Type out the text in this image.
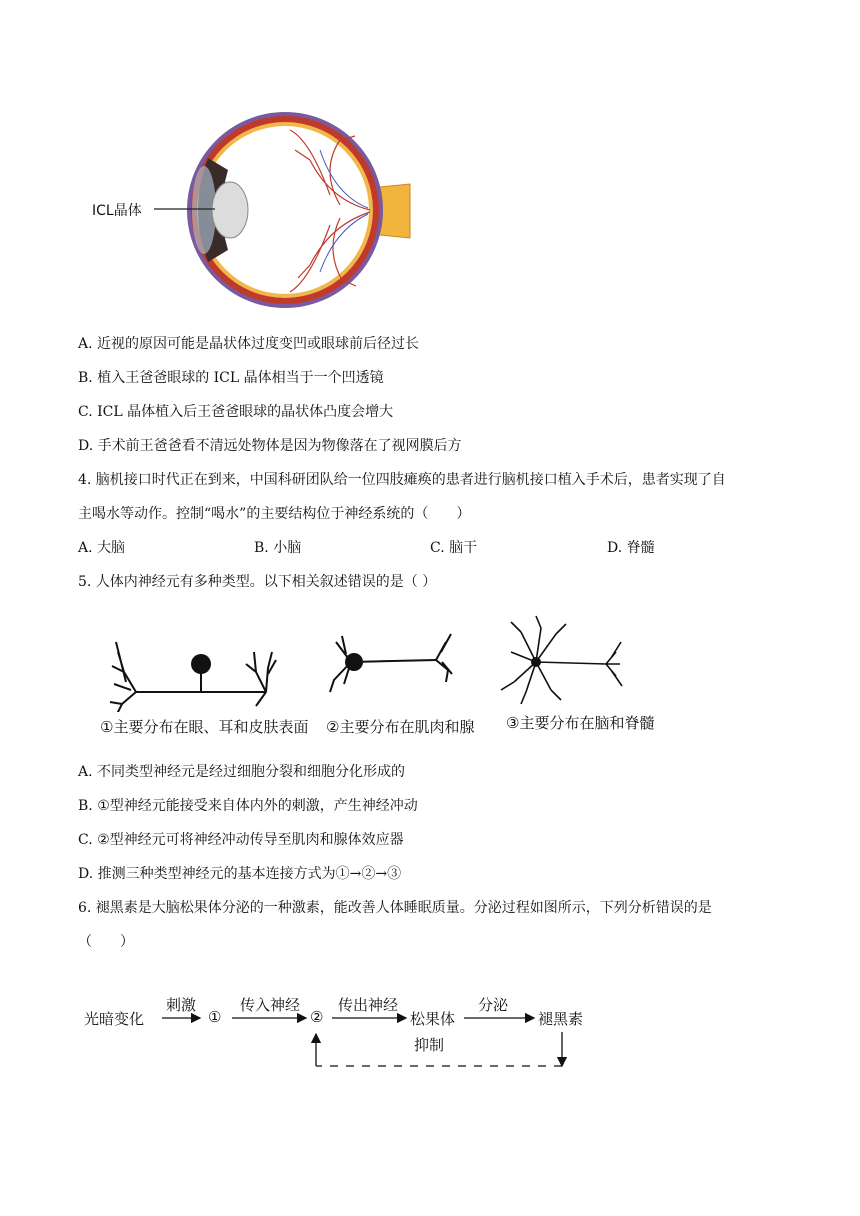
ICL晶体
A. 近视的原因可能是晶状体过度变凹或眼球前后径过长
B. 植入王爸爸眼球的 ICL 晶体相当于一个凹透镜
C. ICL 晶体植入后王爸爸眼球的晶状体凸度会增大
D. 手术前王爸爸看不清远处物体是因为物像落在了视网膜后方
4. 脑机接口时代正在到来，中国科研团队给一位四肢瘫痪的患者进行脑机接口植入手术后，患者实现了自
主喝水等动作。控制“喝水”的主要结构位于神经系统的（　　）
A. 大脑	B. 小脑	C. 脑干	D. 脊髓
5. 人体内神经元有多种类型。以下相关叙述错误的是（ ）
①主要分布在眼、耳和皮肤表面 ②主要分布在肌肉和腺 ③主要分布在脑和脊髓
A. 不同类型神经元是经过细胞分裂和细胞分化形成的
B. ①型神经元能接受来自体内外的刺激，产生神经冲动
C. ②型神经元可将神经冲动传导至肌肉和腺体效应器
D. 推测三种类型神经元的基本连接方式为①→②→③
6. 褪黑素是大脑松果体分泌的一种激素，能改善人体睡眠质量。分泌过程如图所示，下列分析错误的是
（　　）
光暗变化
刺激
①
传入神经
②
传出神经
松果体
分泌
褪黑素
抑制
